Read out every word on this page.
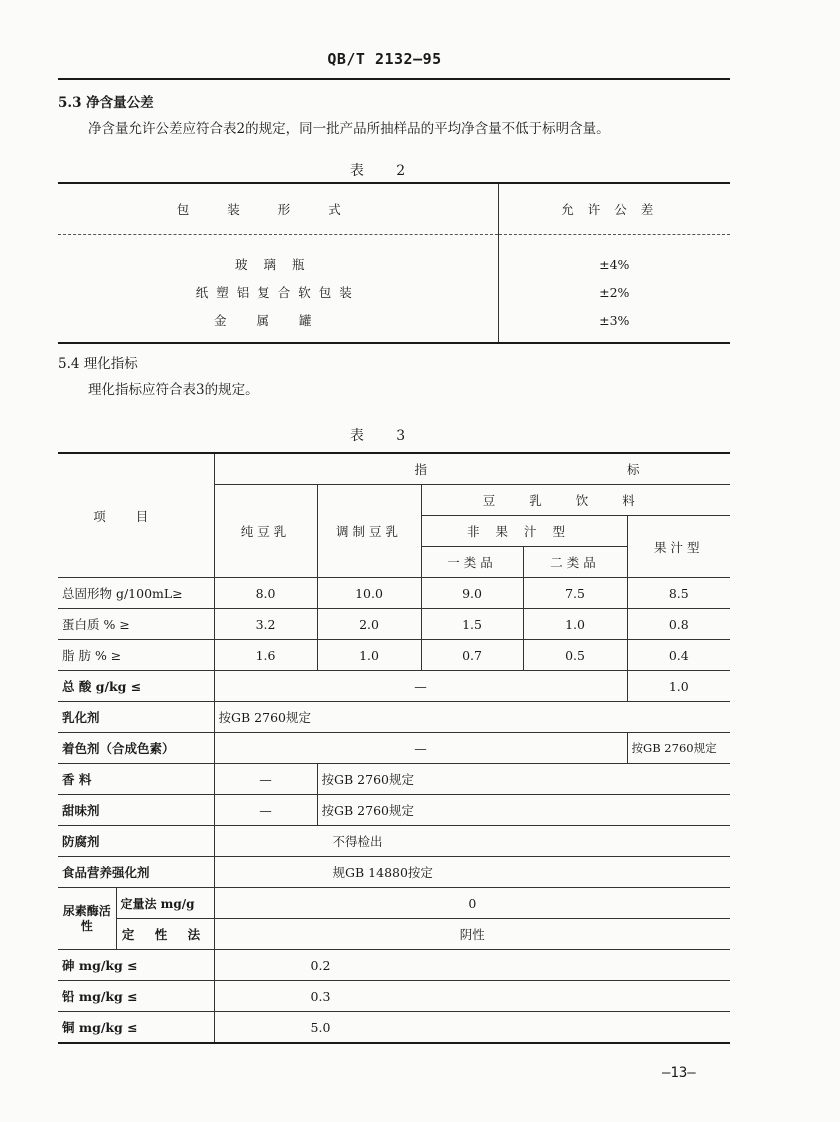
QB/T 2132—95
5.3 净含量公差
净含量允许公差应符合表2的规定，同一批产品所抽样品的平均净含量不低于标明含量。
表 2
包装形式	允许公差

玻璃瓶	±4%
纸塑铝复合软包装	±2%
金属罐	±3%

5.4 理化指标
理化指标应符合表3的规定。
表 3
项目		指标				
		纯豆乳	调制豆乳	豆乳饮料		
				非果汁型		果汁型
				一类品	二类品	
总固形物 g/100mL≥		8.0	10.0	9.0	7.5	8.5
蛋白质 % ≥		3.2	2.0	1.5	1.0	0.8
脂 肪 % ≥		1.6	1.0	0.7	0.5	0.4
总 酸 g/kg ≤		—				1.0
乳化剂		按GB 2760规定				
着色剂（合成色素）		—				按GB 2760规定
香 料		—	按GB 2760规定			
甜味剂		—	按GB 2760规定			
防腐剂		不得检出				
食品营养强化剂		规GB 14880按定				
尿素酶活性	定量法 mg/g	0				
	定 性 法	阴性				
砷 mg/kg ≤		0.2				
铅 mg/kg ≤		0.3				
铜 mg/kg ≤		5.0				
—13—
